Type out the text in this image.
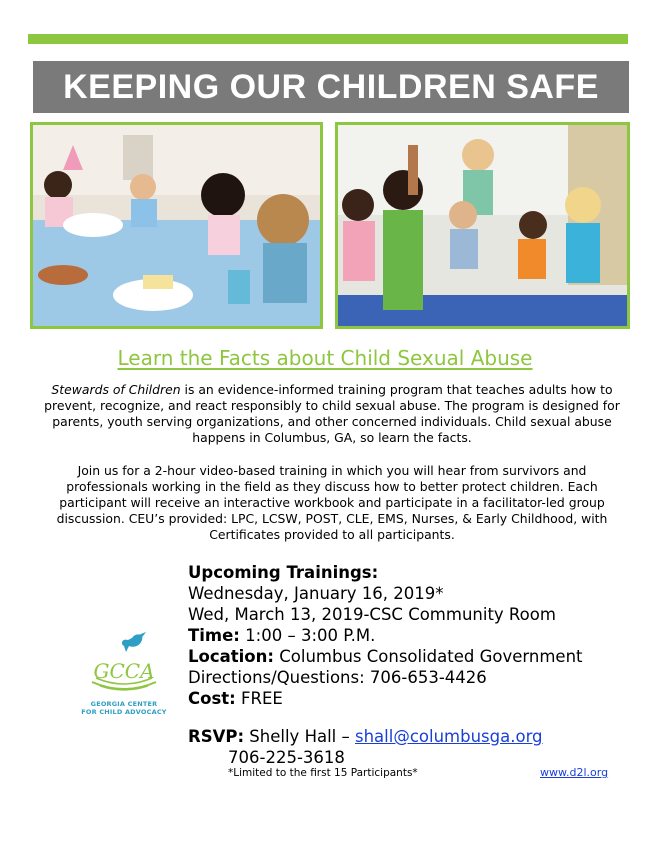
KEEPING OUR CHILDREN SAFE
Learn the Facts about Child Sexual Abuse
Stewards of Children is an evidence-informed training program that teaches adults how to prevent, recognize, and react responsibly to child sexual abuse. The program is designed for parents, youth serving organizations, and other concerned individuals. Child sexual abuse happens in Columbus, GA, so learn the facts.
Join us for a 2-hour video-based training in which you will hear from survivors and professionals working in the field as they discuss how to better protect children. Each participant will receive an interactive workbook and participate in a facilitator-led group discussion. CEU’s provided: LPC, LCSW, POST, CLE, EMS, Nurses, & Early Childhood, with Certificates provided to all participants.
GCCA
GEORGIA CENTER
FOR CHILD ADVOCACY
Upcoming Trainings:
Wednesday, January 16, 2019*
Wed, March 13, 2019-CSC Community Room
Time: 1:00 – 3:00 P.M.
Location: Columbus Consolidated Government
Directions/Questions: 706-653-4426
Cost: FREE
RSVP: Shelly Hall – shall@columbusga.org
706-225-3618
*Limited to the first 15 Participants*	www.d2l.org
